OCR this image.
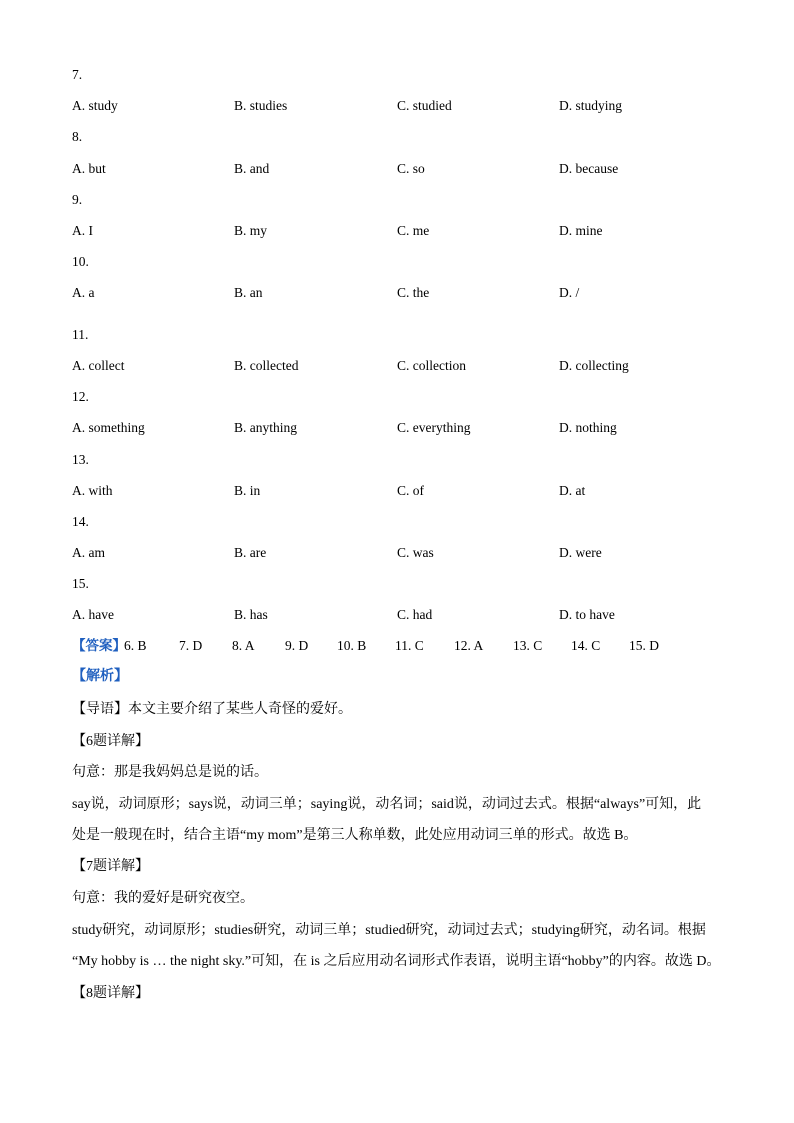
7.
A. study	B. studies	C. studied	D. studying
8.
A. but	B. and	C. so	D. because
9.
A. I	B. my	C. me	D. mine
10.
A. a	B. an	C. the	D. /
11.
A. collect	B. collected	C. collection	D. collecting
12.
A. something	B. anything	C. everything	D. nothing
13.
A. with	B. in	C. of	D. at
14.
A. am	B. are	C. was	D. were
15.
A. have	B. has	C. had	D. to have
【答案】
6. B 7. D 8. A 9. D 10. B 11. C 12. A 13. C 14. C 15. D
【解析】
【导语】本文主要介绍了某些人奇怪的爱好。
【6题详解】
句意：那是我妈妈总是说的话。
say说，动词原形；says说，动词三单；saying说，动名词；said说，动词过去式。根据“always”可知，此
处是一般现在时，结合主语“my mom”是第三人称单数，此处应用动词三单的形式。故选 B。
【7题详解】
句意：我的爱好是研究夜空。
study研究，动词原形；studies研究，动词三单；studied研究，动词过去式；studying研究，动名词。根据
“My hobby is … the night sky.”可知，在 is 之后应用动名词形式作表语，说明主语“hobby”的内容。故选 D。
【8题详解】
